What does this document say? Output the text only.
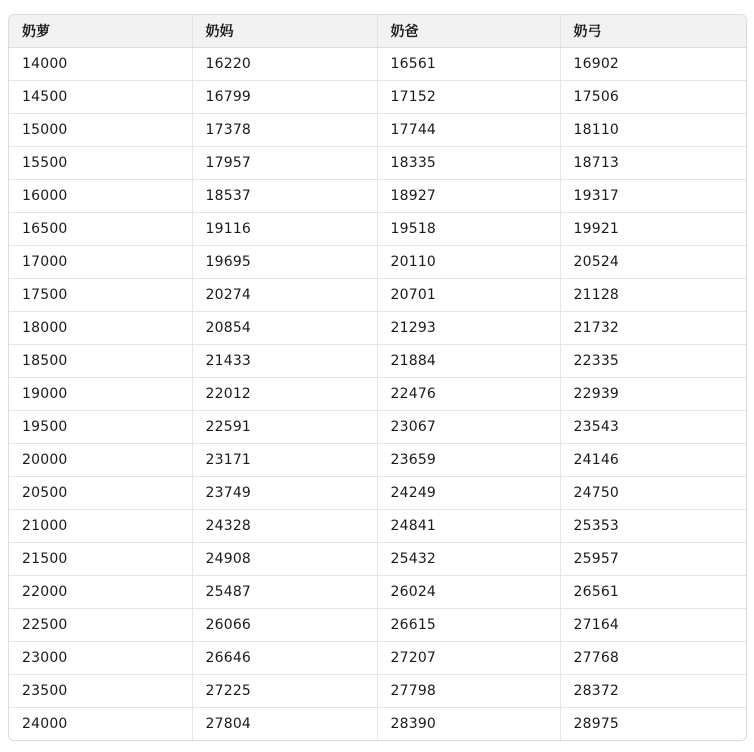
奶萝	奶妈	奶爸	奶弓
14000	16220	16561	16902
14500	16799	17152	17506
15000	17378	17744	18110
15500	17957	18335	18713
16000	18537	18927	19317
16500	19116	19518	19921
17000	19695	20110	20524
17500	20274	20701	21128
18000	20854	21293	21732
18500	21433	21884	22335
19000	22012	22476	22939
19500	22591	23067	23543
20000	23171	23659	24146
20500	23749	24249	24750
21000	24328	24841	25353
21500	24908	25432	25957
22000	25487	26024	26561
22500	26066	26615	27164
23000	26646	27207	27768
23500	27225	27798	28372
24000	27804	28390	28975
